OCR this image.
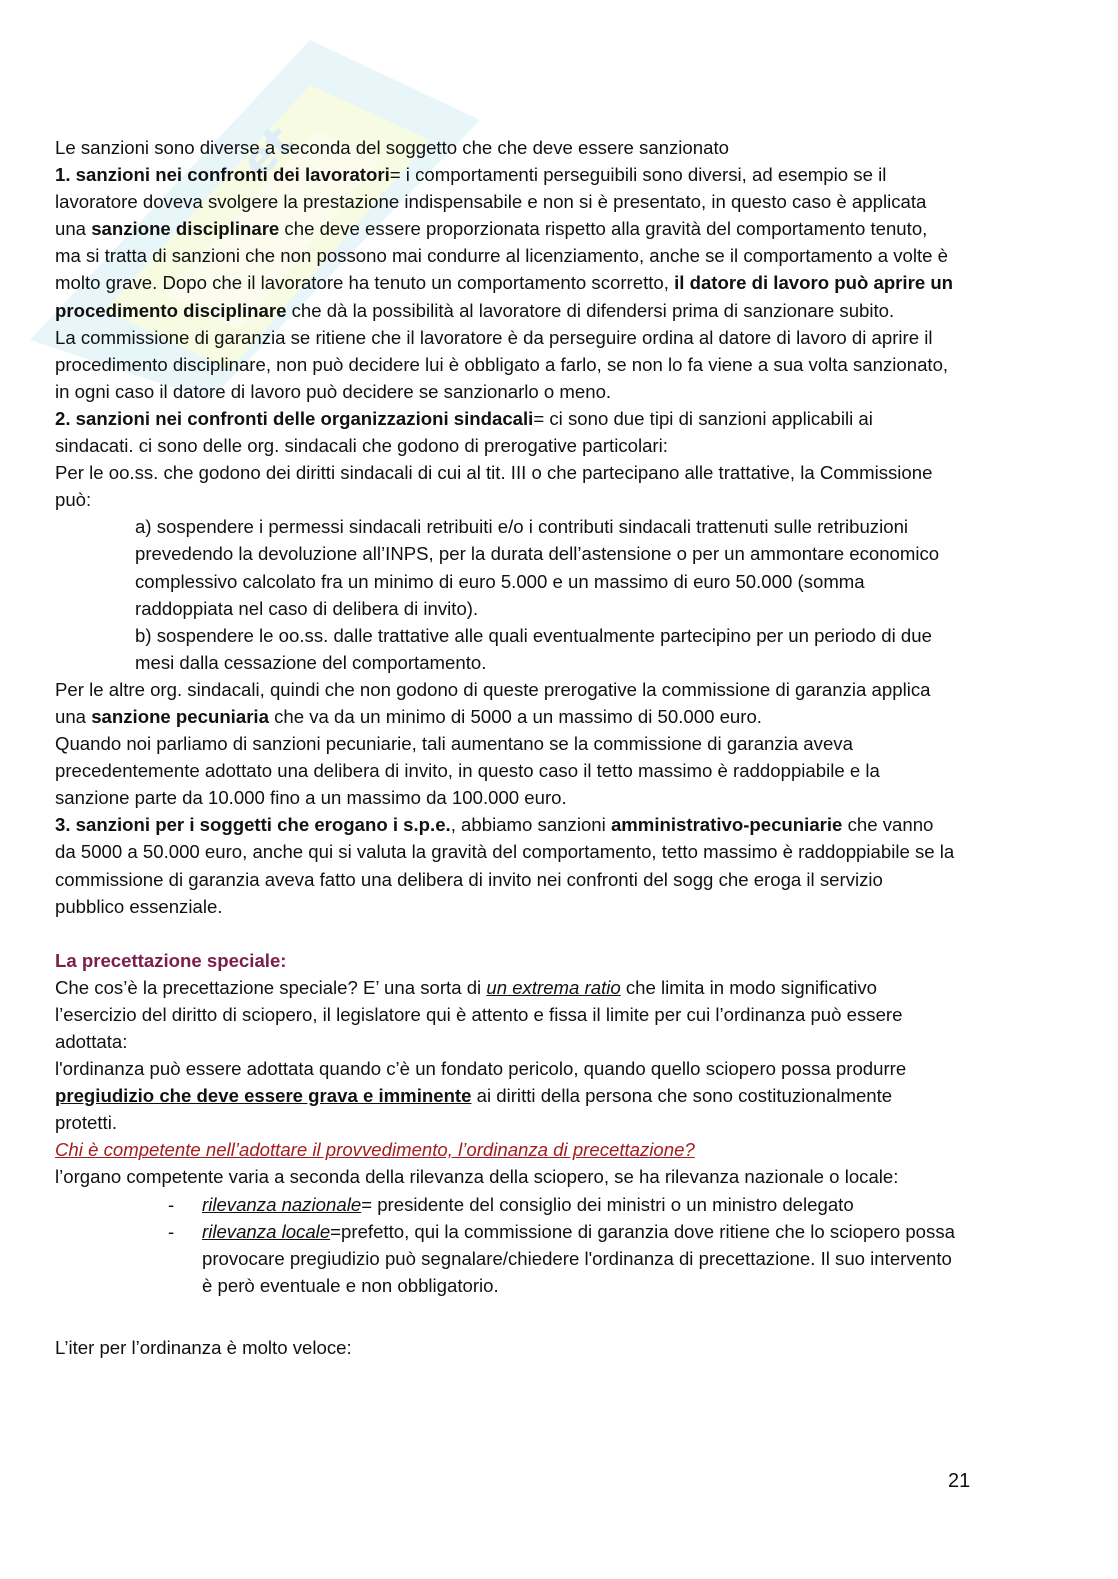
et

Le sanzioni sono diverse a seconda del soggetto che che deve essere sanzionato

1. sanzioni nei confronti dei lavoratori= i comportamenti perseguibili sono diversi, ad esempio se il lavoratore doveva svolgere la prestazione indispensabile e non si è presentato, in questo caso è applicata una sanzione disciplinare che deve essere proporzionata rispetto alla gravità del comportamento tenuto, ma si tratta di sanzioni che non possono mai condurre al licenziamento, anche se il comportamento a volte è molto grave. Dopo che il lavoratore ha tenuto un comportamento scorretto, il datore di lavoro può aprire un procedimento disciplinare che dà la possibilità al lavoratore di difendersi prima di sanzionare subito.

La commissione di garanzia se ritiene che il lavoratore è da perseguire ordina al datore di lavoro di aprire il procedimento disciplinare, non può decidere lui è obbligato a farlo, se non lo fa viene a sua volta sanzionato, in ogni caso il datore di lavoro può decidere se sanzionarlo o meno.

2. sanzioni nei confronti delle organizzazioni sindacali= ci sono due tipi di sanzioni applicabili ai sindacati. ci sono delle org. sindacali che godono di prerogative particolari:

Per le oo.ss. che godono dei diritti sindacali di cui al tit. III o che partecipano alle trattative, la Commissione può:

a) sospendere i permessi sindacali retribuiti e/o i contributi sindacali trattenuti sulle retribuzioni prevedendo la devoluzione all’INPS, per la durata dell’astensione o per un ammontare economico complessivo calcolato fra un minimo di euro 5.000 e un massimo di euro 50.000 (somma raddoppiata nel caso di delibera di invito).

b) sospendere le oo.ss. dalle trattative alle quali eventualmente partecipino per un periodo di due mesi dalla cessazione del comportamento.

Per le altre org. sindacali, quindi che non godono di queste prerogative la commissione di garanzia applica una sanzione pecuniaria che va da un minimo di 5000 a un massimo di 50.000 euro.

Quando noi parliamo di sanzioni pecuniarie, tali aumentano se la commissione di garanzia aveva precedentemente adottato una delibera di invito, in questo caso il tetto massimo è raddoppiabile e la sanzione parte da 10.000 fino a un massimo da 100.000 euro.

3. sanzioni per i soggetti che erogano i s.p.e., abbiamo sanzioni amministrativo-pecuniarie che vanno da 5000 a 50.000 euro, anche qui si valuta la gravità del comportamento, tetto massimo è raddoppiabile se la commissione di garanzia aveva fatto una delibera di invito nei confronti del sogg che eroga il servizio pubblico essenziale.

La precettazione speciale:

Che cos’è la precettazione speciale? E’ una sorta di un extrema ratio che limita in modo significativo l’esercizio del diritto di sciopero, il legislatore qui è attento e fissa il limite per cui l’ordinanza può essere adottata:

l'ordinanza può essere adottata quando c’è un fondato pericolo, quando quello sciopero possa produrre pregiudizio che deve essere grava e imminente ai diritti della persona che sono costituzionalmente protetti.

Chi è competente nell’adottare il provvedimento, l’ordinanza di precettazione?

l’organo competente varia a seconda della rilevanza della sciopero, se ha rilevanza nazionale o locale:

- rilevanza nazionale= presidente del consiglio dei ministri o un ministro delegato

- rilevanza locale=prefetto, qui la commissione di garanzia dove ritiene che lo sciopero possa provocare pregiudizio può segnalare/chiedere l'ordinanza di precettazione. Il suo intervento è però eventuale e non obbligatorio.

L’iter per l’ordinanza è molto veloce:

21
